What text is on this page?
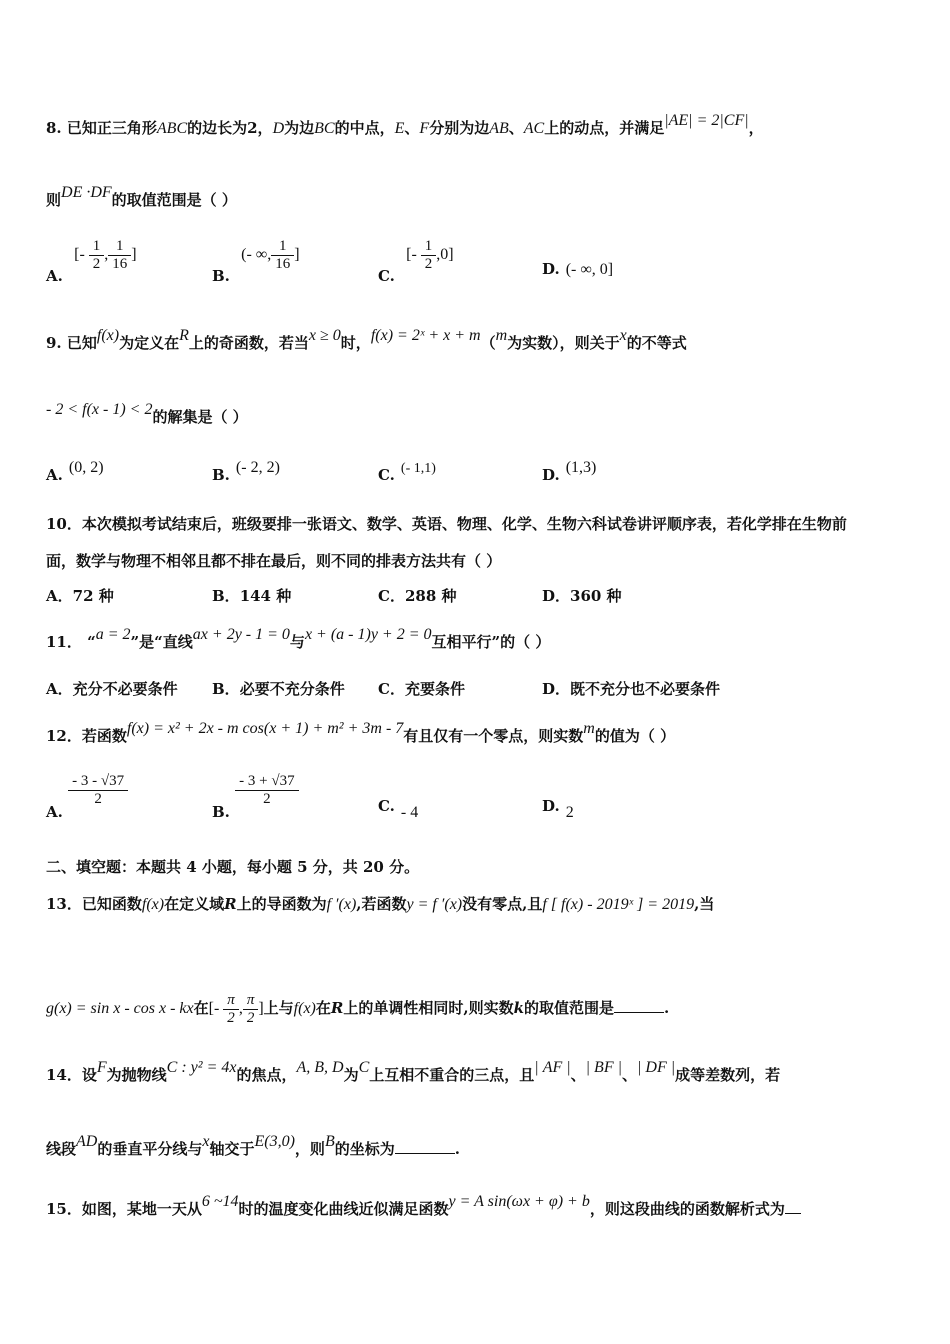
8. 已知正三角形ABC的边长为2，D为边BC的中点，E、F分别为边AB、AC上的动点，并满足|AE| = 2|CF|，
则DE ·DF的取值范围是（ ）
A. [- $\frac{1}{2}$ , $\frac{1}{16}$ ]
B. (- ∞, $\frac{1}{16}$ ]
C. [- $\frac{1}{2} ,0$]
D. (- ∞, 0]
9. 已知f(x)为定义在R上的奇函数，若当x ≥ 0时，f(x) = 2ˣ + x + m（m为实数），则关于x的不等式
- 2 < f(x - 1) < 2的解集是（ ）
A. (0, 2)	B. (- 2, 2)	C. (- 1,1)	D. (1,3)
10．本次模拟考试结束后，班级要排一张语文、数学、英语、物理、化学、生物六科试卷讲评顺序表，若化学排在生物前
面，数学与物理不相邻且都不排在最后，则不同的排表方法共有（ ）
A．72 种	B．144 种	C．288 种	D．360 种
11． “a = 2”是“直线ax + 2y - 1 = 0与x + (a - 1)y + 2 = 0互相平行”的（ ）
A．充分不必要条件 B．必要不充分条件 C．充要条件	D．既不充分也不必要条件
12．若函数f(x) = x² + 2x - m cos(x + 1) + m² + 3m - 7有且仅有一个零点，则实数m的值为（ ）
A.
$\frac{- 3 - √37}{2}$
B.
$\frac{- 3 + √37}{2}$	C. - 4	D. 2
二、填空题：本题共 4 小题，每小题 5 分，共 20 分。
13．已知函数f(x)在定义域R上的导函数为f ′(x),若函数y = f ′(x)没有零点,且f [ f(x) - 2019ˣ ] = 2019,当
g(x) = sin x - cos x - kx在[- $\frac{\pi}{2}$ , $\frac{\pi}{2}$ ]上与f(x)在R上的单调性相同时,则实数k的取值范围是	.
14．设F为抛物线C : y² = 4x的焦点，A, B, D为C上互相不重合的三点，且| AF |、| BF |、| DF |成等差数列，若
线段AD的垂直平分线与x轴交于E(3,0)，则B的坐标为	.
15．如图，某地一天从6 ~14时的温度变化曲线近似满足函数y = A sin(ωx + φ) + b，则这段曲线的函数解析式为
